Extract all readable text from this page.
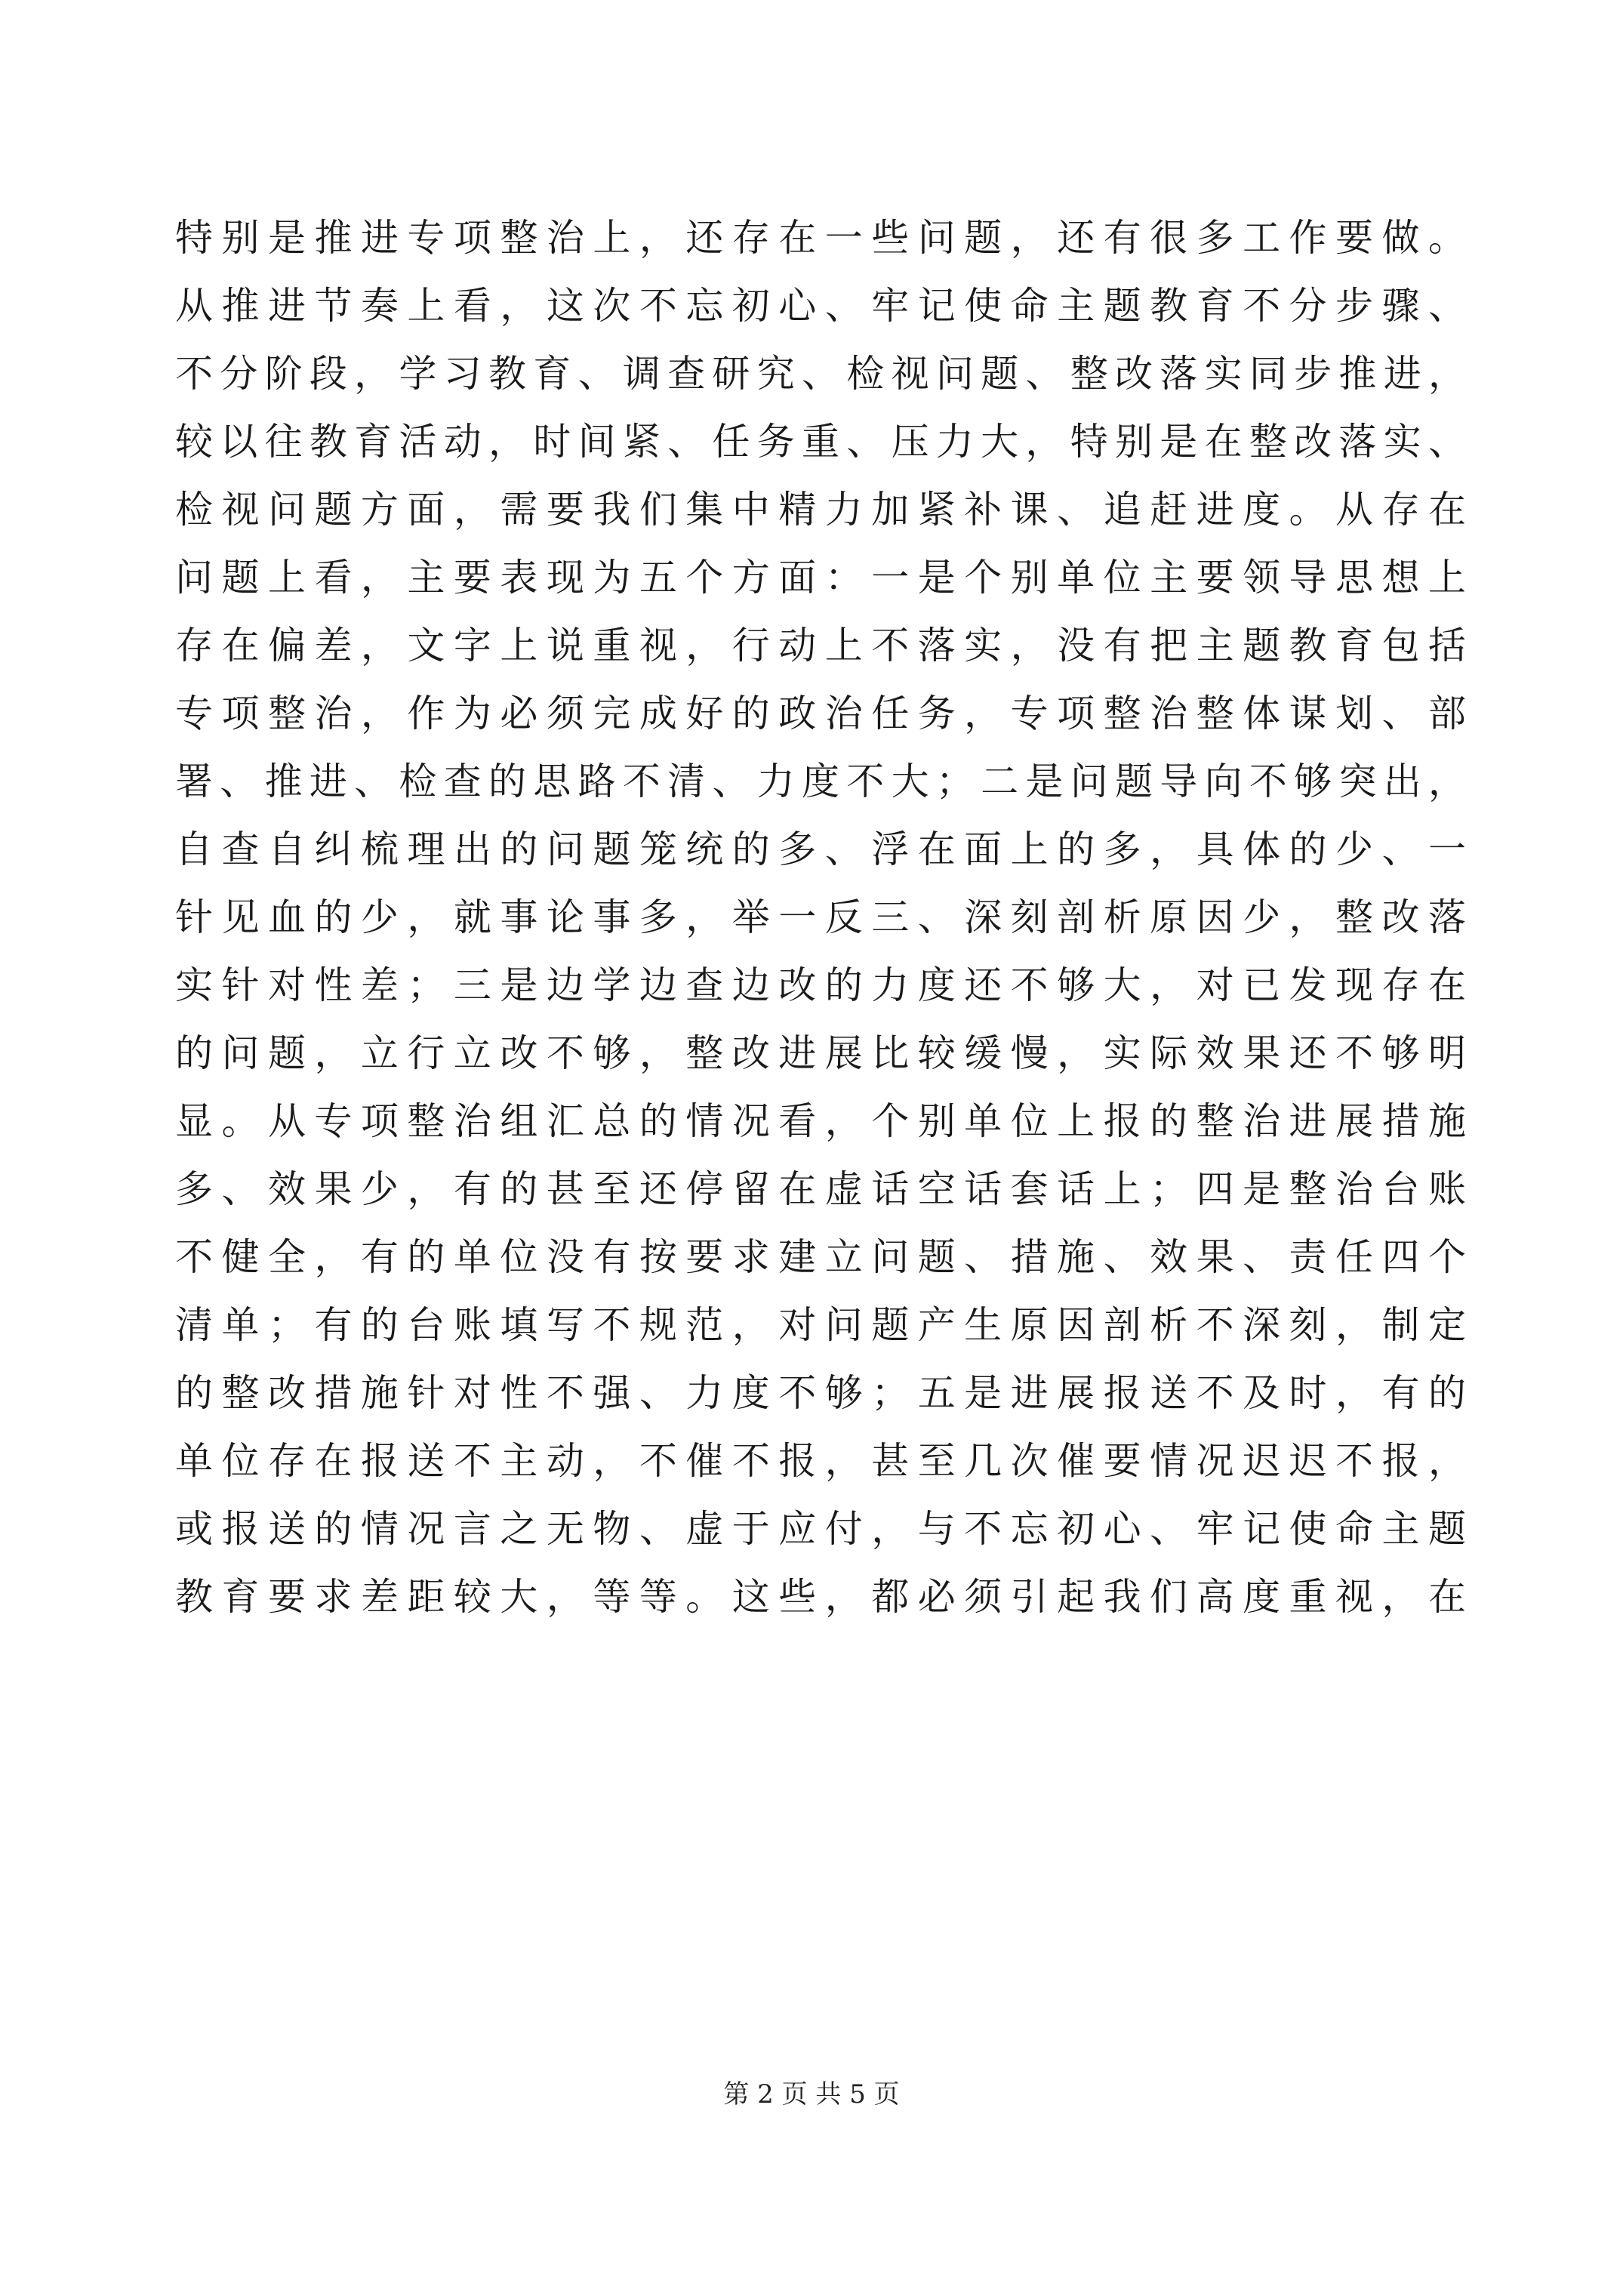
特别是推进专项整治上，还存在一些问题，还有很多工作要做。
从推进节奏上看，这次不忘初心、牢记使命主题教育不分步骤、
不分阶段，学习教育、调查研究、检视问题、整改落实同步推进，
较以往教育活动，时间紧、任务重、压力大，特别是在整改落实、
检视问题方面，需要我们集中精力加紧补课、追赶进度。从存在
问题上看，主要表现为五个方面：一是个别单位主要领导思想上
存在偏差，文字上说重视，行动上不落实，没有把主题教育包括
专项整治，作为必须完成好的政治任务，专项整治整体谋划、部
署、推进、检查的思路不清、力度不大；二是问题导向不够突出，
自查自纠梳理出的问题笼统的多、浮在面上的多，具体的少、一
针见血的少，就事论事多，举一反三、深刻剖析原因少，整改落
实针对性差；三是边学边查边改的力度还不够大，对已发现存在
的问题，立行立改不够，整改进展比较缓慢，实际效果还不够明
显。从专项整治组汇总的情况看，个别单位上报的整治进展措施
多、效果少，有的甚至还停留在虚话空话套话上；四是整治台账
不健全，有的单位没有按要求建立问题、措施、效果、责任四个
清单；有的台账填写不规范，对问题产生原因剖析不深刻，制定
的整改措施针对性不强、力度不够；五是进展报送不及时，有的
单位存在报送不主动，不催不报，甚至几次催要情况迟迟不报，
或报送的情况言之无物、虚于应付，与不忘初心、牢记使命主题
教育要求差距较大，等等。这些，都必须引起我们高度重视，在
第 2 页 共 5 页
